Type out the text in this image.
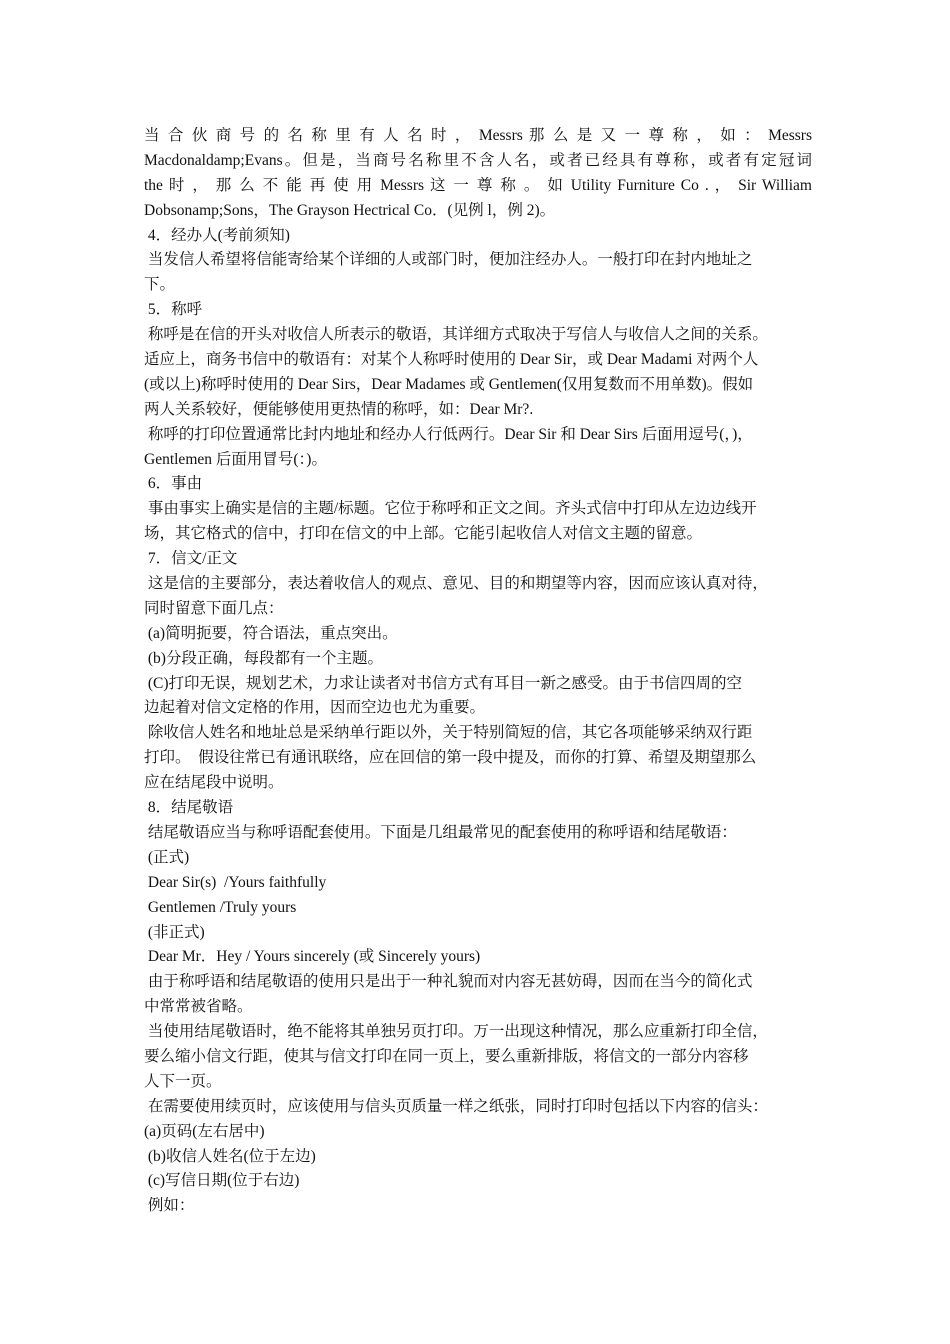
当 合 伙 商 号 的 名 称 里 有 人 名 时 ， Messrs 那 么 是 又 一 尊 称 ， 如 ： Messrs
Macdonaldamp;Evans。但是，当商号名称里不含人名，或者已经具有尊称，或者有定冠词
the 时 ， 那 么 不 能 再 使 用 Messrs 这 一 尊 称 。 如 Utility Furniture Co . ， Sir William
Dobsonamp;Sons，The Grayson Hectrical Co．(见例 l，例 2)。
4．经办人(考前须知)
当发信人希望将信能寄给某个详细的人或部门时，便加注经办人。一般打印在封内地址之
下。
5．称呼
称呼是在信的开头对收信人所表示的敬语，其详细方式取决于写信人与收信人之间的关系。
适应上，商务书信中的敬语有：对某个人称呼时使用的 Dear Sir，或 Dear Madami 对两个人
(或以上)称呼时使用的 Dear Sirs，Dear Madames 或 Gentlemen(仅用复数而不用单数)。假如
两人关系较好，便能够使用更热情的称呼，如：Dear Mr?.
称呼的打印位置通常比封内地址和经办人行低两行。Dear Sir 和 Dear Sirs 后面用逗号(，)，
Gentlemen 后面用冒号(：)。
6．事由
事由事实上确实是信的主题/标题。它位于称呼和正文之间。齐头式信中打印从左边边线开
场，其它格式的信中，打印在信文的中上部。它能引起收信人对信文主题的留意。
7．信文/正文
这是信的主要部分，表达着收信人的观点、意见、目的和期望等内容，因而应该认真对待，
同时留意下面几点：
(a)简明扼要，符合语法，重点突出。
(b)分段正确，每段都有一个主题。
(C)打印无误，规划艺术，力求让读者对书信方式有耳目一新之感受。由于书信四周的空
边起着对信文定格的作用，因而空边也尤为重要。
除收信人姓名和地址总是采纳单行距以外，关于特别简短的信，其它各项能够采纳双行距
打印。  假设往常已有通讯联络，应在回信的第一段中提及，而你的打算、希望及期望那么
应在结尾段中说明。
8．结尾敬语
结尾敬语应当与称呼语配套使用。下面是几组最常见的配套使用的称呼语和结尾敬语：
(正式)
Dear Sir(s)  /Yours faithfully
Gentlemen /Truly yours
(非正式)
Dear Mr．Hey / Yours sincerely (或 Sincerely yours)
由于称呼语和结尾敬语的使用只是出于一种礼貌而对内容无甚妨碍，因而在当今的简化式
中常常被省略。
当使用结尾敬语时，绝不能将其单独另页打印。万一出现这种情况，那么应重新打印全信，
要么缩小信文行距，使其与信文打印在同一页上，要么重新排版，将信文的一部分内容移
人下一页。
在需要使用续页时，应该使用与信头页质量一样之纸张，同时打印时包括以下内容的信头：
(a)页码(左右居中)
(b)收信人姓名(位于左边)
(c)写信日期(位于右边)
例如：
